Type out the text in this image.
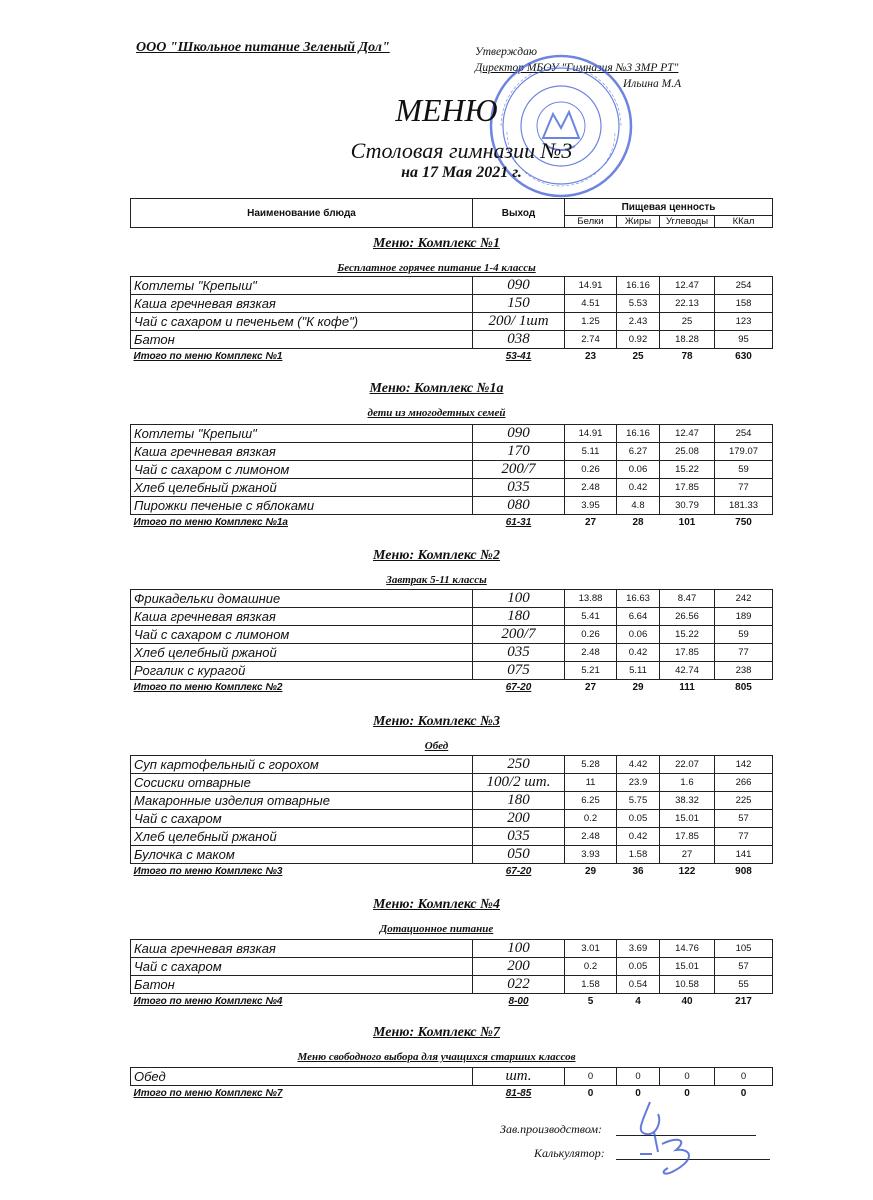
ООО "Школьное питание Зеленый Дол"	Утверждаю
Директор МБОУ "Гимназия №3 ЗМР РТ"
Ильина М.А
МЕНЮ
Столовая гимназии №3
на 17 Мая 2021 г.
Наименование блюда	Выход	Пищевая ценность			
		Белки	Жиры	Углеводы	ККал
Меню: Комплекс №1
Бесплатное горячее питание 1-4 классы
Котлеты "Крепыш"	090	14.91	16.16	12.47	254
Каша гречневая вязкая	150	4.51	5.53	22.13	158
Чай с сахаром и печеньем ("К кофе")	200/ 1шт	1.25	2.43	25	123
Батон	038	2.74	0.92	18.28	95
Итого по меню Комплекс №1	53-41	23	25	78	630
Меню: Комплекс №1а
дети из многодетных семей
Котлеты "Крепыш"	090	14.91	16.16	12.47	254
Каша гречневая вязкая	170	5.11	6.27	25.08	179.07
Чай с сахаром с лимоном	200/7	0.26	0.06	15.22	59
Хлеб целебный ржаной	035	2.48	0.42	17.85	77
Пирожки печеные с яблоками	080	3.95	4.8	30.79	181.33
Итого по меню Комплекс №1а	61-31	27	28	101	750
Меню: Комплекс №2
Завтрак 5-11 классы
Фрикадельки домашние	100	13.88	16.63	8.47	242
Каша гречневая вязкая	180	5.41	6.64	26.56	189
Чай с сахаром с лимоном	200/7	0.26	0.06	15.22	59
Хлеб целебный ржаной	035	2.48	0.42	17.85	77
Рогалик с курагой	075	5.21	5.11	42.74	238
Итого по меню Комплекс №2	67-20	27	29	111	805
Меню: Комплекс №3
Обед
Суп картофельный с горохом	250	5.28	4.42	22.07	142
Сосиски отварные	100/2 шт.	11	23.9	1.6	266
Макаронные изделия отварные	180	6.25	5.75	38.32	225
Чай с сахаром	200	0.2	0.05	15.01	57
Хлеб целебный ржаной	035	2.48	0.42	17.85	77
Булочка с маком	050	3.93	1.58	27	141
Итого по меню Комплекс №3	67-20	29	36	122	908
Меню: Комплекс №4
Дотационное питание
Каша гречневая вязкая	100	3.01	3.69	14.76	105
Чай с сахаром	200	0.2	0.05	15.01	57
Батон	022	1.58	0.54	10.58	55
Итого по меню Комплекс №4	8-00	5	4	40	217
Меню: Комплекс №7
Меню свободного выбора для учащихся старших классов
Обед	шт.	0	0	0	0
Итого по меню Комплекс №7	81-85	0	0	0	0
Зав.производством:
Калькулятор:
